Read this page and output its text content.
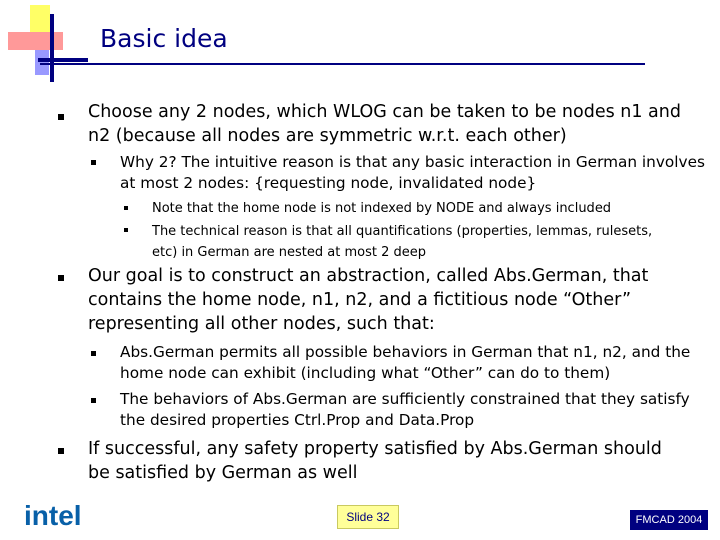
Basic idea
Choose any 2 nodes, which WLOG can be taken to be nodes n1 and n2 (because all nodes are symmetric w.r.t. each other)
Why 2? The intuitive reason is that any basic interaction in German involves at most 2 nodes: {requesting node, invalidated node}
Note that the home node is not indexed by NODE and always included
The technical reason is that all quantifications (properties, lemmas, rulesets, etc) in German are nested at most 2 deep
Our goal is to construct an abstraction, called Abs.German, that contains the home node, n1, n2, and a fictitious node “Other” representing all other nodes, such that:
Abs.German permits all possible behaviors in German that n1, n2, and the home node can exhibit (including what “Other” can do to them)
The behaviors of Abs.German are sufficiently constrained that they satisfy the desired properties Ctrl.Prop and Data.Prop
If successful, any safety property satisfied by Abs.German should be satisfied by German as well
intel	Slide 32	FMCAD 2004
